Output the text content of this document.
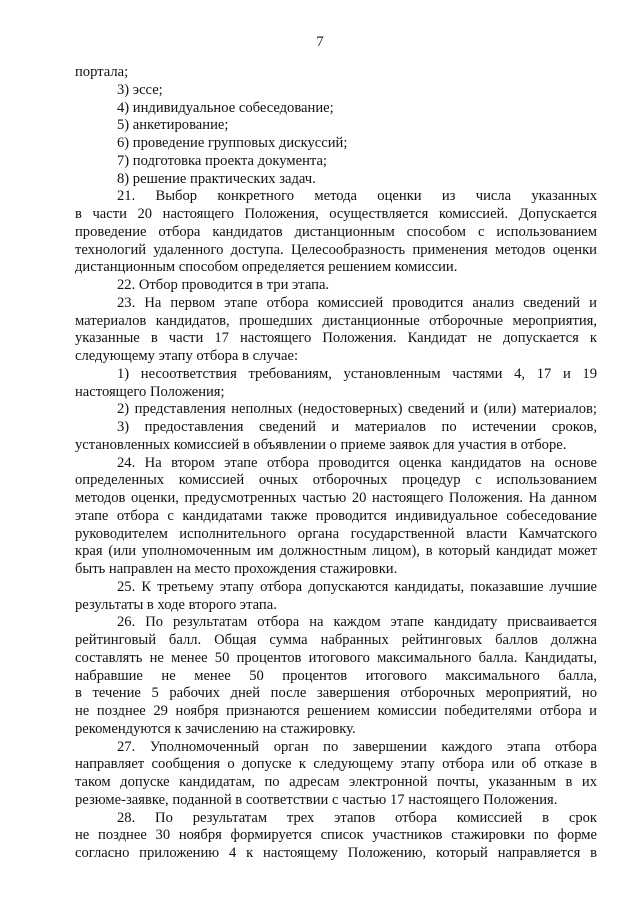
7
портала;
3) эссе;
4) индивидуальное собеседование;
5) анкетирование;
6) проведение групповых дискуссий;
7) подготовка проекта документа;
8) решение практических задач.
21. Выбор конкретного метода оценки из числа указанных
в части 20 настоящего Положения, осуществляется комиссией. Допускается
проведение отбора кандидатов дистанционным способом с использованием
технологий удаленного доступа. Целесообразность применения методов оценки
дистанционным способом определяется решением комиссии.
22. Отбор проводится в три этапа.
23. На первом этапе отбора комиссией проводится анализ сведений и
материалов кандидатов, прошедших дистанционные отборочные мероприятия,
указанные в части 17 настоящего Положения. Кандидат не допускается к
следующему этапу отбора в случае:
1) несоответствия требованиям, установленным частями 4, 17 и 19
настоящего Положения;
2) представления неполных (недостоверных) сведений и (или) материалов;
3) предоставления сведений и материалов по истечении сроков,
установленных комиссией в объявлении о приеме заявок для участия в отборе.
24. На втором этапе отбора проводится оценка кандидатов на основе
определенных комиссией очных отборочных процедур с использованием
методов оценки, предусмотренных частью 20 настоящего Положения. На данном
этапе отбора с кандидатами также проводится индивидуальное собеседование
руководителем исполнительного органа государственной власти Камчатского
края (или уполномоченным им должностным лицом), в который кандидат может
быть направлен на место прохождения стажировки.
25. К третьему этапу отбора допускаются кандидаты, показавшие лучшие
результаты в ходе второго этапа.
26. По результатам отбора на каждом этапе кандидату присваивается
рейтинговый балл. Общая сумма набранных рейтинговых баллов должна
составлять не менее 50 процентов итогового максимального балла. Кандидаты,
набравшие не менее 50 процентов итогового максимального балла,
в течение 5 рабочих дней после завершения отборочных мероприятий, но
не позднее 29 ноября признаются решением комиссии победителями отбора и
рекомендуются к зачислению на стажировку.
27. Уполномоченный орган по завершении каждого этапа отбора
направляет сообщения о допуске к следующему этапу отбора или об отказе в
таком допуске кандидатам, по адресам электронной почты, указанным в их
резюме-заявке, поданной в соответствии с частью 17 настоящего Положения.
28. По результатам трех этапов отбора комиссией в срок
не позднее 30 ноября формируется список участников стажировки по форме
согласно приложению 4 к настоящему Положению, который направляется в
